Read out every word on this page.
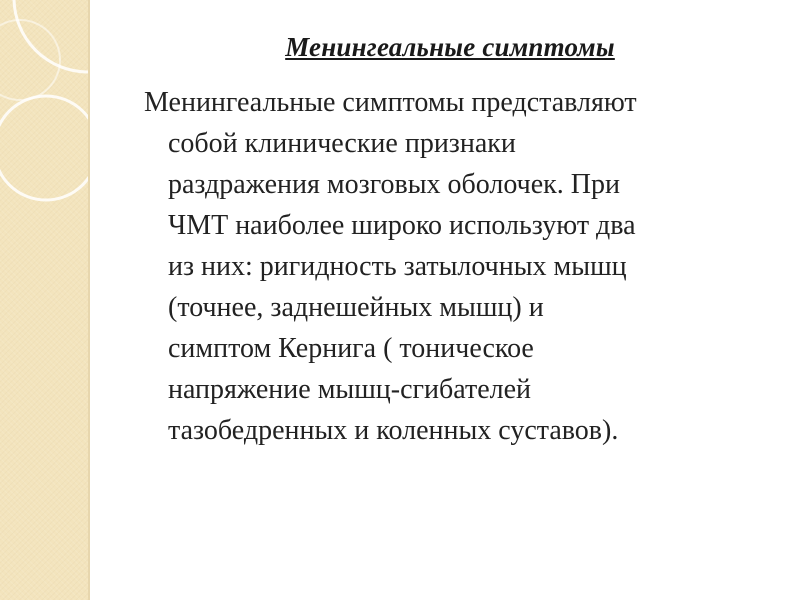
Менингеальные симптомы
Менингеальные симптомы представляют
собой клинические признаки
раздражения мозговых оболочек. При
ЧМТ наиболее широко используют два
из них: ригидность затылочных мышц
(точнее, заднешейных мышц) и
симптом Кернига ( тоническое
напряжение мышц-сгибателей
тазобедренных и коленных суставов).
